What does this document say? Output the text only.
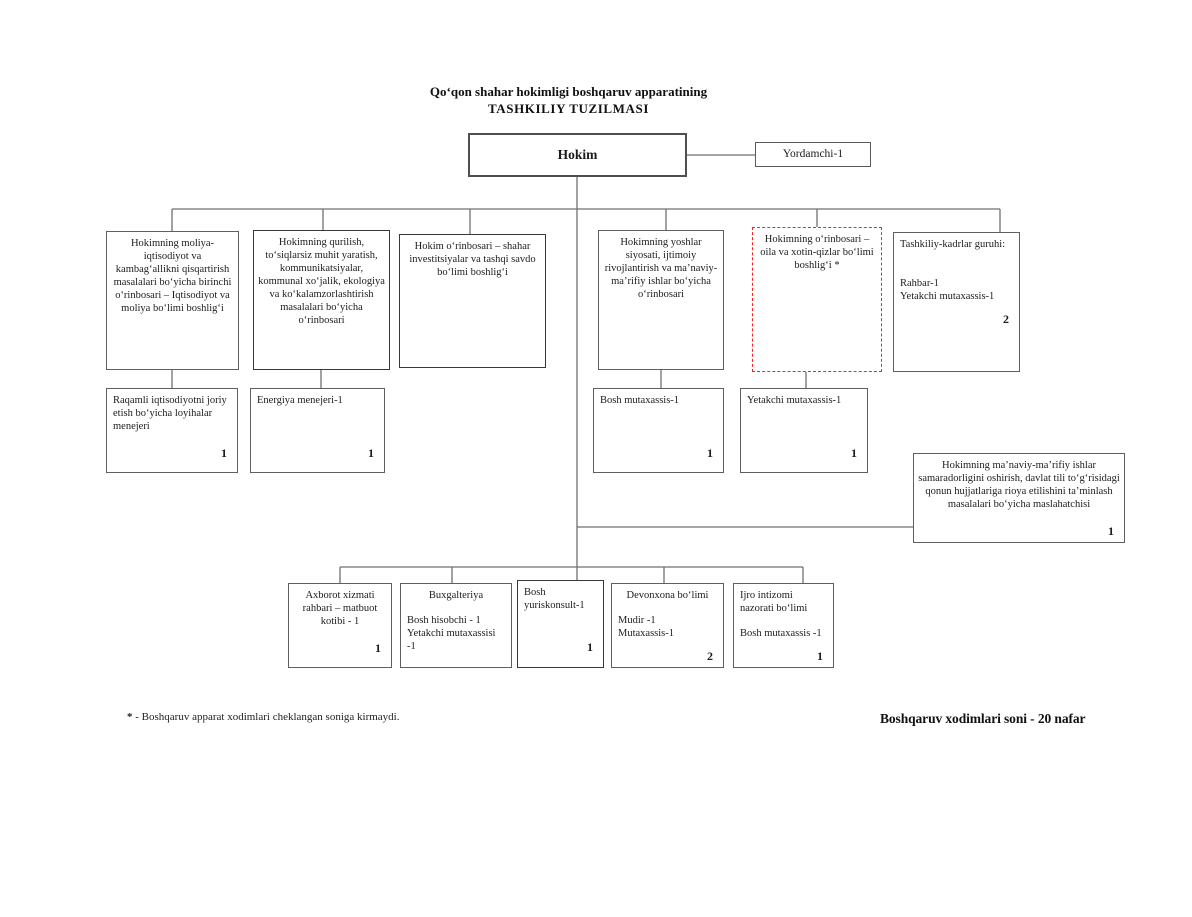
Qo‘qon shahar hokimligi boshqaruv apparatining
TASHKILIY TUZILMASI
Hokim	Yordamchi-1
Hokimning moliya-iqtisodiyot va kambag‘allikni qisqartirish masalalari bo‘yicha birinchi o‘rinbosari – Iqtisodiyot va moliya bo‘limi boshlig‘i
Hokimning qurilish, to‘siqlarsiz muhit yaratish, kommunikatsiyalar, kommunal xo‘jalik, ekologiya va ko‘kalamzorlashtirish masalalari bo‘yicha o‘rinbosari
Hokim o‘rinbosari – shahar investitsiyalar va tashqi savdo bo‘limi boshlig‘i
Hokimning yoshlar siyosati, ijtimoiy rivojlantirish va ma’naviy-ma’rifiy ishlar bo‘yicha o‘rinbosari
Hokimning o‘rinbosari – oila va xotin-qizlar bo‘limi boshlig‘i *
Tashkiliy-kadrlar guruhi:
Rahbar-1
Yetakchi mutaxassis-1
2
Raqamli iqtisodiyotni joriy etish bo‘yicha loyihalar menejeri
1
Energiya menejeri-1
1
Bosh mutaxassis-1
1
Yetakchi mutaxassis-1
1
Hokimning ma’naviy-ma’rifiy ishlar samaradorligini oshirish, davlat tili to‘g‘risidagi qonun hujjatlariga rioya etilishini ta’minlash masalalari bo‘yicha maslahatchisi
1
Axborot xizmati rahbari – matbuot kotibi - 1
1
Buxgalteriya
Bosh hisobchi - 1
Yetakchi mutaxassisi -1
Bosh yuriskonsult-1
1
Devonxona bo‘limi
Mudir -1
Mutaxassis-1
2
Ijro intizomi nazorati bo‘limi
Bosh mutaxassis -1
1
* - Boshqaruv apparat xodimlari cheklangan soniga kirmaydi.	Boshqaruv xodimlari soni - 20 nafar
